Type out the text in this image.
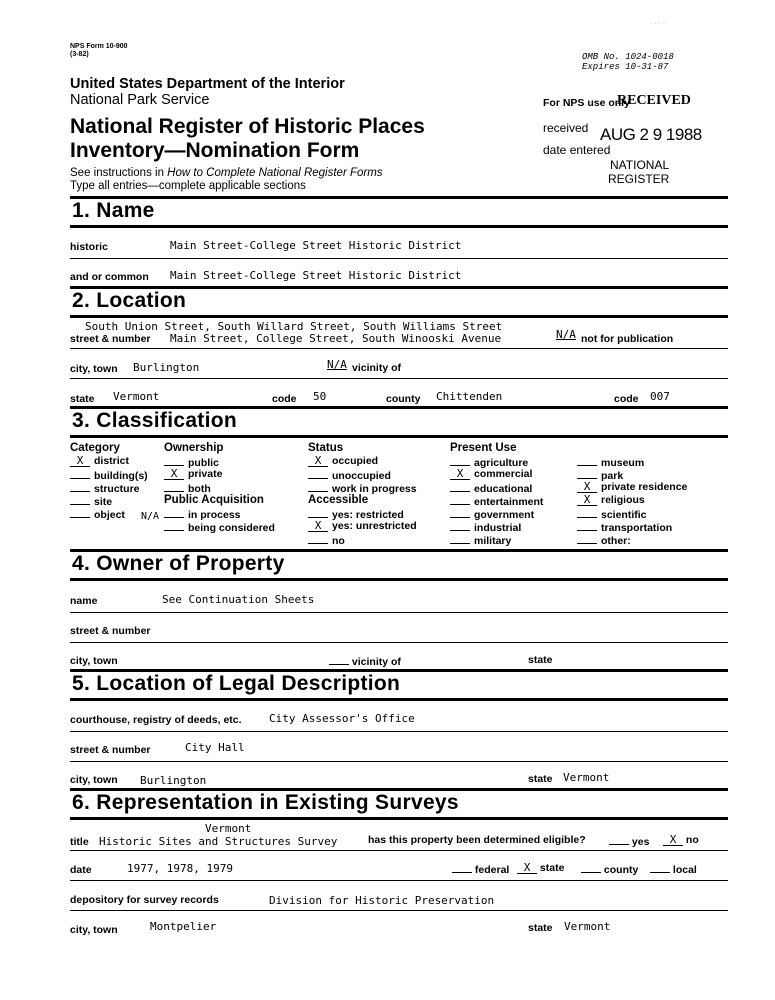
NPS Form 10-900
(3-82)	OMB No. 1024-0018
Expires 10-31-87
· · · ·
United States Department of the Interior
National Park Service
National Register of Historic Places
Inventory—Nomination Form
See instructions in How to Complete National Register Forms
Type all entries—complete applicable sections
For NPS use only
RECEIVED
received AUG 2 9 1988
date entered
NATIONAL
REGISTER
1. Name
historic	Main Street-College Street Historic District
and or common Main Street-College Street Historic District
2. Location
South Union Street, South Willard Street, South Williams Street
street & number Main Street, College Street, South Winooski Avenue	N/A not for publication
city, town Burlington	N/A vicinity of
state Vermont	code 50	county Chittenden	code 007
3. Classification
Category
X district
building(s)
structure
site
object
Ownership
public
X private
both
Public Acquisition
N/A	in process
being considered
Status
X occupied
unoccupied
work in progress
Accessible
yes: restricted
X yes: unrestricted
no
Present Use
agriculture
X commercial
educational
entertainment
government
industrial
military
museum
park
X private residence
X religious
scientific
transportation
other:
4. Owner of Property
name	See Continuation Sheets
street & number
city, town	vicinity of	state
5. Location of Legal Description
courthouse, registry of deeds, etc. City Assessor's Office
street & number	City Hall
city, town Burlington	state Vermont
6. Representation in Existing Surveys
Vermont
title Historic Sites and Structures Survey	has this property been determined eligible?	yes	X no
date	1977, 1978, 1979	federal	X state	county	local
depository for survey records	Division for Historic Preservation
city, town	Montpelier	state Vermont
